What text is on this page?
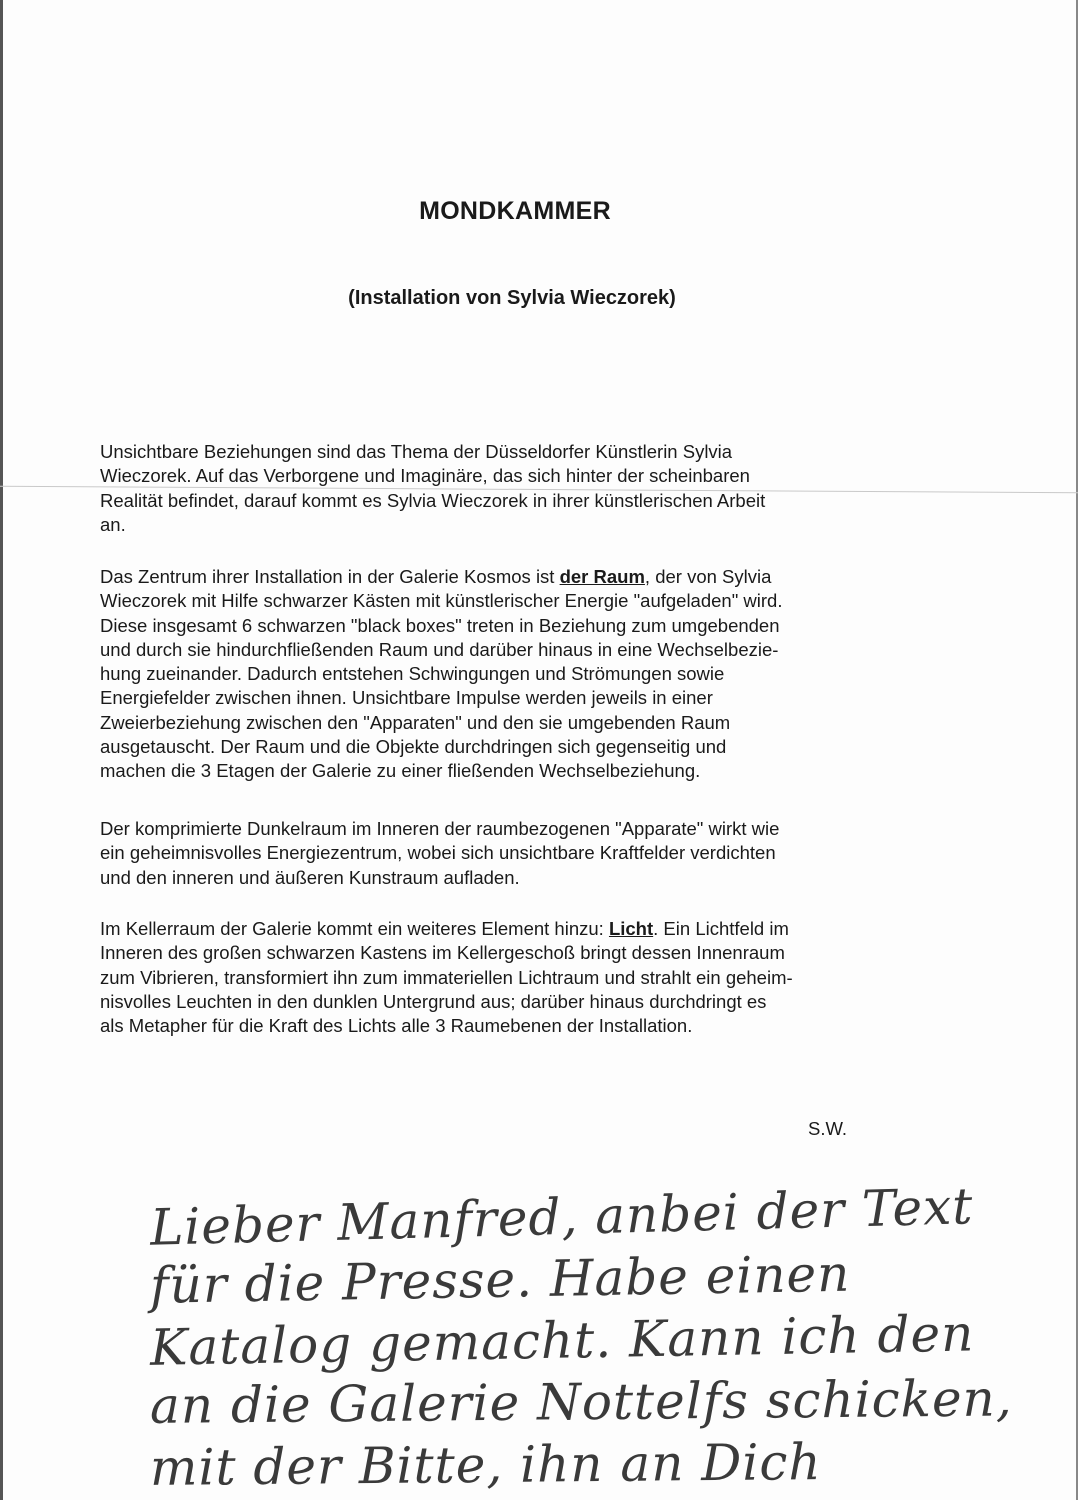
MONDKAMMER
(Installation von Sylvia Wieczorek)

Unsichtbare Beziehungen sind das Thema der Düsseldorfer Künstlerin Sylvia
Wieczorek. Auf das Verborgene und Imaginäre, das sich hinter der scheinbaren
Realität befindet, darauf kommt es Sylvia Wieczorek in ihrer künstlerischen Arbeit
an.

Das Zentrum ihrer Installation in der Galerie Kosmos ist der Raum, der von Sylvia
Wieczorek mit Hilfe schwarzer Kästen mit künstlerischer Energie "aufgeladen" wird.
Diese insgesamt 6 schwarzen "black boxes" treten in Beziehung zum umgebenden
und durch sie hindurchfließenden Raum und darüber hinaus in eine Wechselbezie-
hung zueinander. Dadurch entstehen Schwingungen und Strömungen sowie
Energiefelder zwischen ihnen. Unsichtbare Impulse werden jeweils in einer
Zweierbeziehung zwischen den "Apparaten" und den sie umgebenden Raum
ausgetauscht. Der Raum und die Objekte durchdringen sich gegenseitig und
machen die 3 Etagen der Galerie zu einer fließenden Wechselbeziehung.

Der komprimierte Dunkelraum im Inneren der raumbezogenen "Apparate" wirkt wie
ein geheimnisvolles Energiezentrum, wobei sich unsichtbare Kraftfelder verdichten
und den inneren und äußeren Kunstraum aufladen.

Im Kellerraum der Galerie kommt ein weiteres Element hinzu: Licht. Ein Lichtfeld im
Inneren des großen schwarzen Kastens im Kellergeschoß bringt dessen Innenraum
zum Vibrieren, transformiert ihn zum immateriellen Lichtraum und strahlt ein geheim-
nisvolles Leuchten in den dunklen Untergrund aus; darüber hinaus durchdringt es
als Metapher für die Kraft des Lichts alle 3 Raumebenen der Installation.

S.W.
Lieber Manfred, anbei der Text
für die Presse. Habe einen
Katalog gemacht. Kann ich den
an die Galerie Nottelfs schicken,
mit der Bitte, ihn an Dich
